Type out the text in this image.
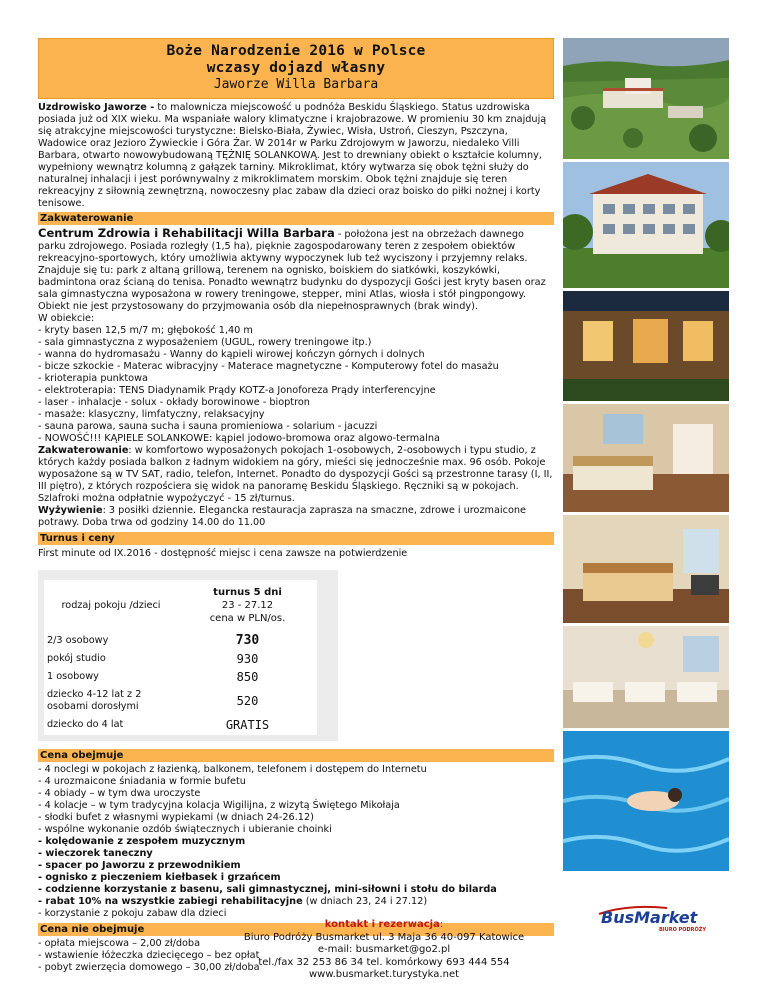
Boże Narodzenie 2016 w Polsce
wczasy dojazd własny
Jaworze Willa Barbara
Uzdrowisko Jaworze - to malownicza miejscowość u podnóża Beskidu Śląskiego. Status uzdrowiska posiada już od XIX wieku. Ma wspaniałe walory klimatyczne i krajobrazowe. W promieniu 30 km znajdują się atrakcyjne miejscowości turystyczne: Bielsko-Biała, Żywiec, Wisła, Ustroń, Cieszyn, Pszczyna, Wadowice oraz Jezioro Żywieckie i Góra Żar. W 2014r w Parku Zdrojowym w Jaworzu, niedaleko Villi Barbara, otwarto nowowybudowaną TĘŻNIĘ SOLANKOWĄ. Jest to drewniany obiekt o kształcie kolumny, wypełniony wewnątrz kolumną z gałązek tarniny. Mikroklimat, który wytwarza się obok tężni służy do naturalnej inhalacji i jest porównywalny z mikroklimatem morskim. Obok tężni znajduje się teren rekreacyjny z siłownią zewnętrzną, nowoczesny plac zabaw dla dzieci oraz boisko do piłki nożnej i korty tenisowe.
Zakwaterowanie
Centrum Zdrowia i Rehabilitacji Willa Barbara - położona jest na obrzeżach dawnego parku zdrojowego. Posiada rozległy (1,5 ha), pięknie zagospodarowany teren z zespołem obiektów rekreacyjno-sportowych, który umożliwia aktywny wypoczynek lub też wyciszony i przyjemny relaks. Znajduje się tu: park z altaną grillową, terenem na ognisko, boiskiem do siatkówki, koszykówki, badmintona oraz ścianą do tenisa. Ponadto wewnątrz budynku do dyspozycji Gości jest kryty basen oraz sala gimnastyczna wyposażona w rowery treningowe, stepper, mini Atlas, wiosła i stół pingpongowy.
Obiekt nie jest przystosowany do przyjmowania osób dla niepełnosprawnych (brak windy).
W obiekcie:
- kryty basen 12,5 m/7 m; głębokość 1,40 m
- sala gimnastyczna z wyposażeniem (UGUL, rowery treningowe itp.)
- wanna do hydromasażu - Wanny do kąpieli wirowej kończyn górnych i dolnych
- bicze szkockie - Materac wibracyjny - Materace magnetyczne - Komputerowy fotel do masażu
- krioterapia punktowa
- elektroterapia: TENS Diadynamik Prądy KOTZ-a Jonoforeza Prądy interferencyjne
- laser - inhalacje - solux - okłady borowinowe - bioptron
- masaże: klasyczny, limfatyczny, relaksacyjny
- sauna parowa, sauna sucha i sauna promieniowa - solarium - jacuzzi
- NOWOŚĆ!!! KĄPIELE SOLANKOWE: kąpiel jodowo-bromowa oraz algowo-termalna
Zakwaterowanie: w komfortowo wyposażonych pokojach 1-osobowych, 2-osobowych i typu studio, z których każdy posiada balkon z ładnym widokiem na góry, mieści się jednocześnie max. 96 osób. Pokoje wyposażone są w TV SAT, radio, telefon, Internet. Ponadto do dyspozycji Gości są przestronne tarasy (I, II, III piętro), z których rozpościera się widok na panoramę Beskidu Śląskiego. Ręczniki są w pokojach. Szlafroki można odpłatnie wypożyczyć - 15 zł/turnus.
Wyżywienie: 3 posiłki dziennie. Elegancka restauracja zaprasza na smaczne, zdrowe i urozmaicone potrawy. Doba trwa od godziny 14.00 do 11.00
Turnus i ceny
First minute od IX.2016 - dostępność miejsc i cena zawsze na potwierdzenie
rodzaj pokoju /dzieci	turnus 5 dni
23 - 27.12
cena w PLN/os.

2/3 osobowy	730
pokój studio	930
1 osobowy	850
dziecko 4-12 lat z 2 osobami dorosłymi	520
dziecko do 4 lat	GRATIS
Cena obejmuje
- 4 noclegi w pokojach z łazienką, balkonem, telefonem i dostępem do Internetu
- 4 urozmaicone śniadania w formie bufetu
- 4 obiady – w tym dwa uroczyste
- 4 kolacje – w tym tradycyjna kolacja Wigilijna, z wizytą Świętego Mikołaja
- słodki bufet z własnymi wypiekami (w dniach 24-26.12)
- wspólne wykonanie ozdób świątecznych i ubieranie choinki
- kolędowanie z zespołem muzycznym
- wieczorek taneczny
- spacer po Jaworzu z przewodnikiem
- ognisko z pieczeniem kiełbasek i grzańcem
- codzienne korzystanie z basenu, sali gimnastycznej, mini-siłowni i stołu do bilarda
- rabat 10% na wszystkie zabiegi rehabilitacyjne (w dniach 23, 24 i 27.12)
- korzystanie z pokoju zabaw dla dzieci
Cena nie obejmuje
- opłata miejscowa – 2,00 zł/doba
- wstawienie łóżeczka dziecięcego – bez opłat
- pobyt zwierzęcia domowego – 30,00 zł/doba
BusMarket
BIURO PODRÓŻY
kontakt i rezerwacja:
Biuro Podróży Busmarket ul. 3 Maja 36 40-097 Katowice
e-mail: busmarket@go2.pl
tel./fax 32 253 86 34 tel. komórkowy 693 444 554
www.busmarket.turystyka.net
